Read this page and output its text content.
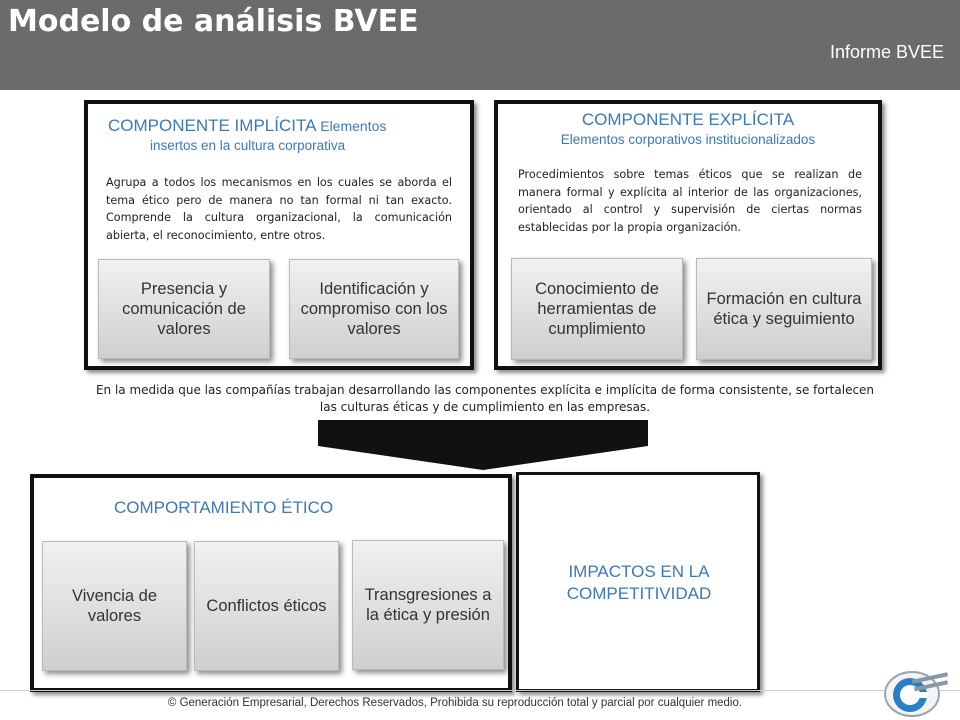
Modelo de análisis BVEE
Informe BVEE
COMPONENTE IMPLÍCITA Elementos
insertos en la cultura corporativa
Agrupa a todos los mecanismos en los cuales se aborda el tema ético pero de manera no tan formal ni tan exacto. Comprende la cultura organizacional, la comunicación abierta, el reconocimiento, entre otros.
Presencia y comunicación de valores
Identificación y compromiso con los valores
COMPONENTE EXPLÍCITA
Elementos corporativos institucionalizados
Procedimientos sobre temas éticos que se realizan de manera formal y explícita al interior de las organizaciones, orientado al control y supervisión de ciertas normas establecidas por la propia organización.
Conocimiento de herramientas de cumplimiento
Formación en cultura ética y seguimiento
En la medida que las compañías trabajan desarrollando las componentes explícita e implícita de forma consistente, se fortalecen las culturas éticas y de cumplimiento en las empresas.
COMPORTAMIENTO ÉTICO
Vivencia de valores
Conflictos éticos
Transgresiones a la ética y presión
IMPACTOS EN LA COMPETITIVIDAD
© Generación Empresarial, Derechos Reservados, Prohibida su reproducción total y parcial por cualquier medio.
